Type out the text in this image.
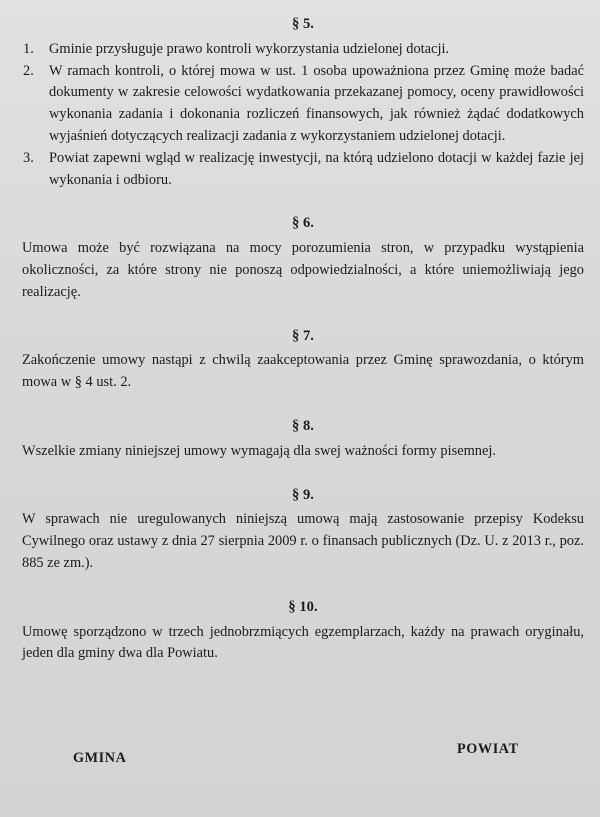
§ 5.
1.	Gminie przysługuje prawo kontroli wykorzystania udzielonej dotacji.
2.	W ramach kontroli, o której mowa w ust. 1 osoba upoważniona przez Gminę może badać dokumenty w zakresie celowości wydatkowania przekazanej pomocy, oceny prawidłowości wykonania zadania i dokonania rozliczeń finansowych, jak również żądać dodatkowych wyjaśnień dotyczących realizacji zadania z wykorzystaniem udzielonej dotacji.
3.	Powiat zapewni wgląd w realizację inwestycji, na którą udzielono dotacji w każdej fazie jej wykonania i odbioru.
§ 6.

Umowa może być rozwiązana na mocy porozumienia stron, w przypadku wystąpienia okoliczności, za które strony nie ponoszą odpowiedzialności, a które uniemożliwiają jego realizację.

§ 7.

Zakończenie umowy nastąpi z chwilą zaakceptowania przez Gminę sprawozdania, o którym mowa w § 4 ust. 2.

§ 8.

Wszelkie zmiany niniejszej umowy wymagają dla swej ważności formy pisemnej.

§ 9.

W sprawach nie uregulowanych niniejszą umową mają zastosowanie przepisy Kodeksu Cywilnego oraz ustawy z dnia 27 sierpnia 2009 r. o finansach publicznych (Dz. U. z 2013 r., poz. 885 ze zm.).

§ 10.

Umowę sporządzono w trzech jednobrzmiących egzemplarzach, każdy na prawach oryginału, jeden dla gminy dwa dla Powiatu.

GMINA
POWIAT
